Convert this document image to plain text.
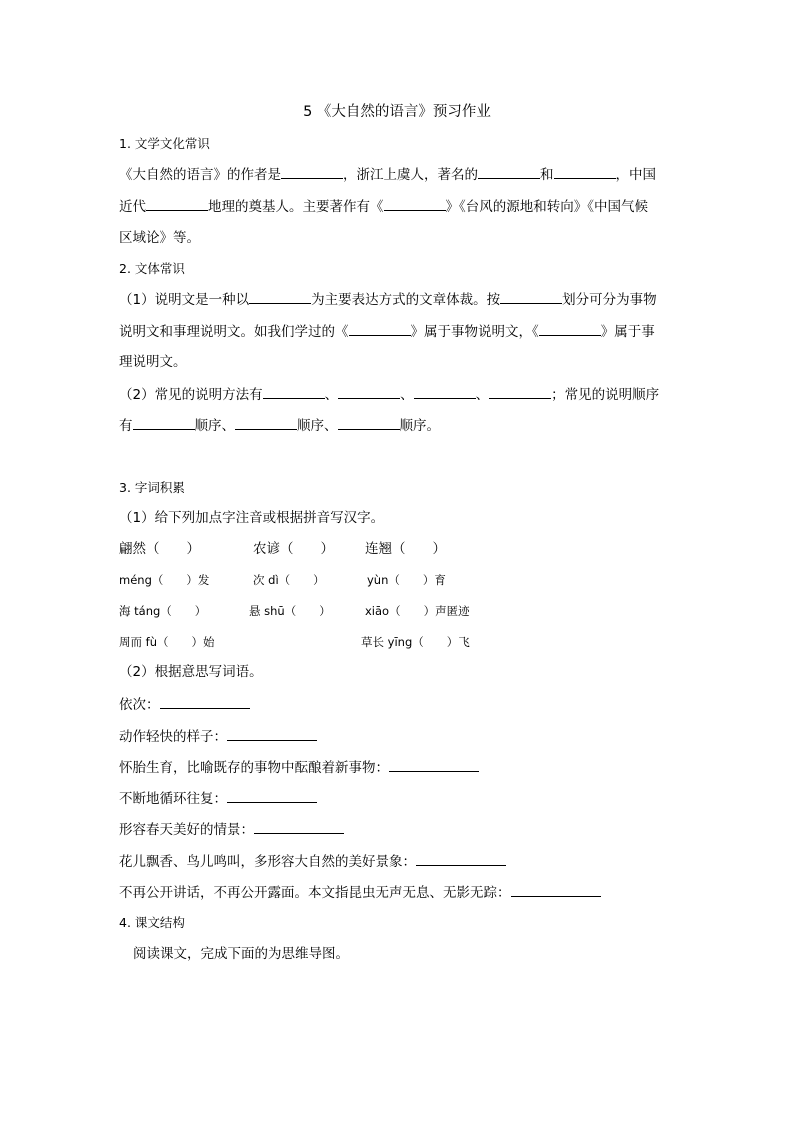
5 《大自然的语言》预习作业
1. 文学文化常识
《大自然的语言》的作者是	，浙江上虞人，著名的	和	，中国
近代	地理的奠基人。主要著作有《	》《台风的源地和转向》《中国气候
区域论》等。
2. 文体常识
（1）说明文是一种以	为主要表达方式的文章体裁。按	划分可分为事物
说明文和事理说明文。如我们学过的《	》属于事物说明文，《	》属于事
理说明文。
（2）常见的说明方法有	、	、	、	；常见的说明顺序
有	顺序、	顺序、	顺序。
3. 字词积累
（1）给下列加点字注音或根据拼音写汉字。
翩然（　　）	农谚（　　） 连翘（　　）
méng（　　）发	次 dì（　　）	yùn（　　）育
海 táng（　　）	悬 shū（　　）	xiāo（　　）声匿迹
周而 fù（　　）始	草长 yīng（　　）飞
（2）根据意思写词语。
依次：
动作轻快的样子：
怀胎生育，比喻既存的事物中酝酿着新事物：
不断地循环往复：
形容春天美好的情景：
花儿飘香、鸟儿鸣叫，多形容大自然的美好景象：
不再公开讲话，不再公开露面。本文指昆虫无声无息、无影无踪：
4. 课文结构
阅读课文，完成下面的为思维导图。
